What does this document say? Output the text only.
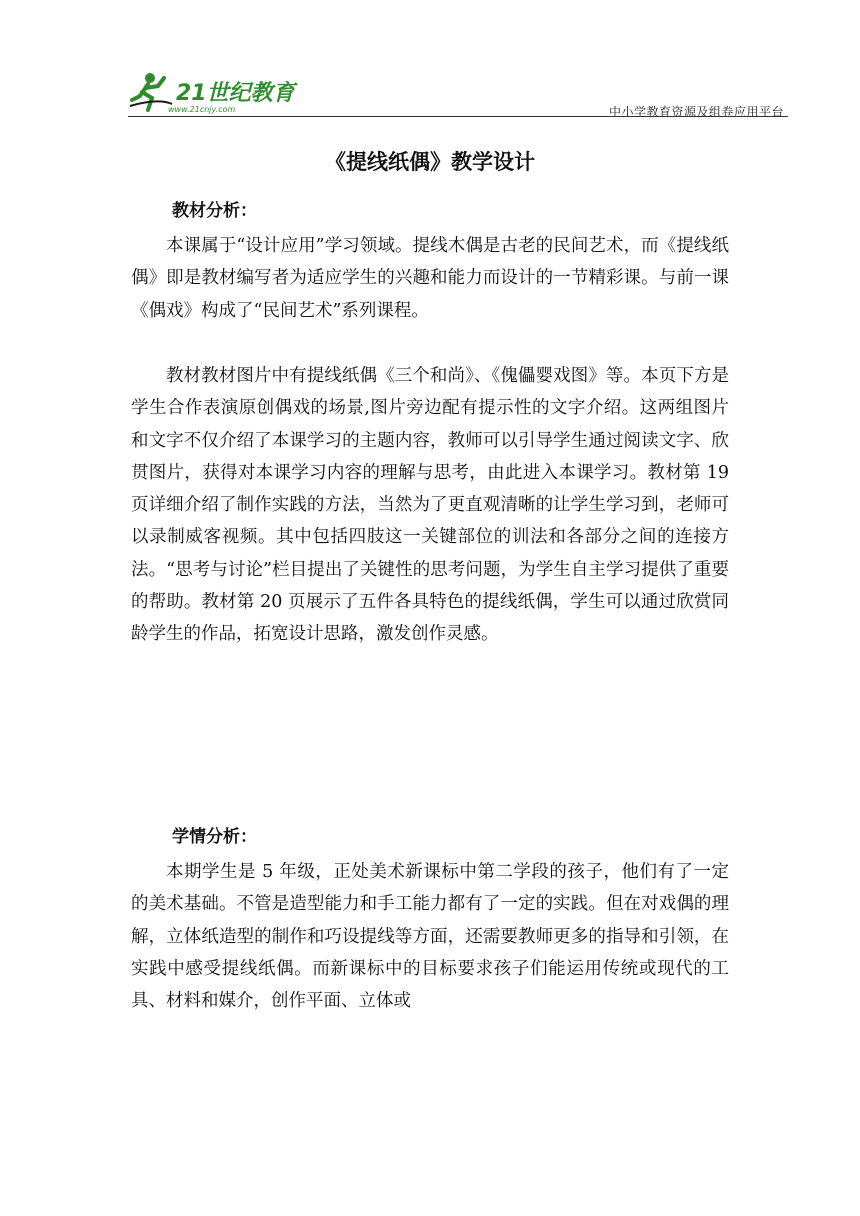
21世纪教育
www.21cnjy.com	中小学教育资源及组卷应用平台
《提线纸偶》教学设计
教材分析：

本课属于“设计应用”学习领域。提线木偶是古老的民间艺术，而《提线纸偶》即是教材编写者为适应学生的兴趣和能力而设计的一节精彩课。与前一课《偶戏》构成了“民间艺术”系列课程。

教材教材图片中有提线纸偶《三个和尚》、《傀儡婴戏图》等。本页下方是学生合作表演原创偶戏的场景,图片旁边配有提示性的文字介绍。这两组图片和文字不仅介绍了本课学习的主题内容，教师可以引导学生通过阅读文字、欣贯图片，获得对本课学习内容的理解与思考，由此进入本课学习。教材第 19 页详细介绍了制作实践的方法，当然为了更直观清晰的让学生学习到，老师可以录制威客视频。其中包括四肢这一关键部位的训法和各部分之间的连接方法。“思考与讨论”栏目提出了关键性的思考问题，为学生自主学习提供了重要的帮助。教材第 20 页展示了五件各具特色的提线纸偶，学生可以通过欣赏同龄学生的作品，拓宽设计思路，激发创作灵感。

学情分析：

本期学生是 5 年级，正处美术新课标中第二学段的孩子，他们有了一定的美术基础。不管是造型能力和手工能力都有了一定的实践。但在对戏偶的理解，立体纸造型的制作和巧设提线等方面，还需要教师更多的指导和引领，在实践中感受提线纸偶。而新课标中的目标要求孩子们能运用传统或现代的工具、材料和媒介，创作平面、立体或
